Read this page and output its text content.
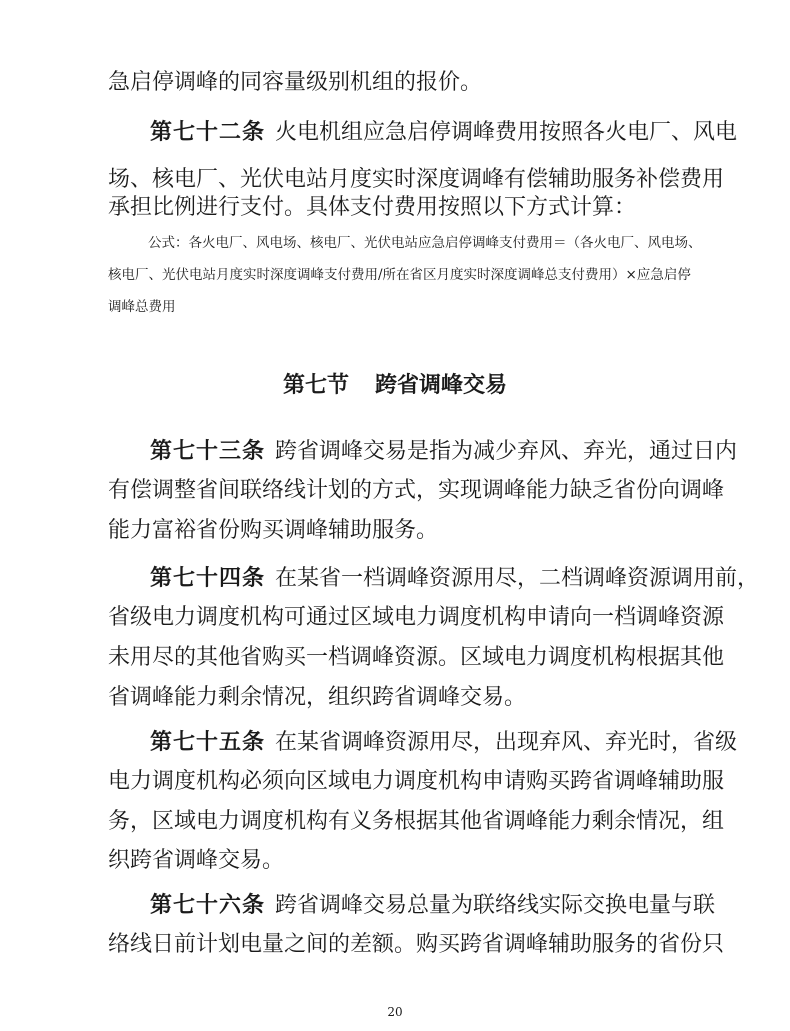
急启停调峰的同容量级别机组的报价。
第七十二条 火电机组应急启停调峰费用按照各火电厂、风电
场、核电厂、光伏电站月度实时深度调峰有偿辅助服务补偿费用
承担比例进行支付。具体支付费用按照以下方式计算：
公式：各火电厂、风电场、核电厂、光伏电站应急启停调峰支付费用＝（各火电厂、风电场、
核电厂、光伏电站月度实时深度调峰支付费用/所在省区月度实时深度调峰总支付费用）×应急启停
调峰总费用
第七节 跨省调峰交易
第七十三条 跨省调峰交易是指为减少弃风、弃光，通过日内
有偿调整省间联络线计划的方式，实现调峰能力缺乏省份向调峰
能力富裕省份购买调峰辅助服务。
第七十四条 在某省一档调峰资源用尽，二档调峰资源调用前，
省级电力调度机构可通过区域电力调度机构申请向一档调峰资源
未用尽的其他省购买一档调峰资源。区域电力调度机构根据其他
省调峰能力剩余情况，组织跨省调峰交易。
第七十五条 在某省调峰资源用尽，出现弃风、弃光时，省级
电力调度机构必须向区域电力调度机构申请购买跨省调峰辅助服
务，区域电力调度机构有义务根据其他省调峰能力剩余情况，组
织跨省调峰交易。
第七十六条 跨省调峰交易总量为联络线实际交换电量与联
络线日前计划电量之间的差额。购买跨省调峰辅助服务的省份只
20
